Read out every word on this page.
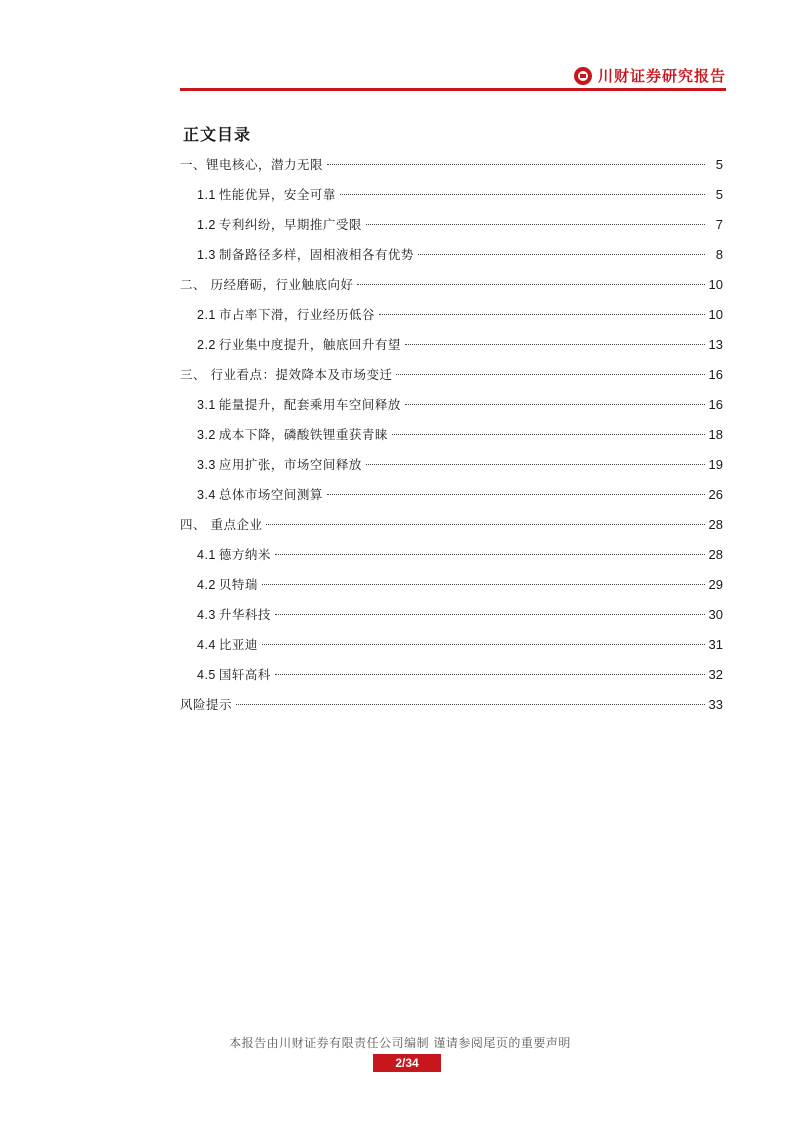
川财证券研究报告
正文目录
一、锂电核心，潜力无限	5
1.1 性能优异，安全可靠	5
1.2 专利纠纷，早期推广受限	7
1.3 制备路径多样，固相液相各有优势	8
二、 历经磨砺，行业触底向好	10
2.1 市占率下滑，行业经历低谷	10
2.2 行业集中度提升，触底回升有望	13
三、 行业看点：提效降本及市场变迁	16
3.1 能量提升，配套乘用车空间释放	16
3.2 成本下降，磷酸铁锂重获青睐	18
3.3 应用扩张，市场空间释放	19
3.4 总体市场空间测算	26
四、 重点企业	28
4.1 德方纳米	28
4.2 贝特瑞	29
4.3 升华科技	30
4.4 比亚迪	31
4.5 国轩高科	32
风险提示	33
本报告由川财证券有限责任公司编制 谨请参阅尾页的重要声明
2/34
